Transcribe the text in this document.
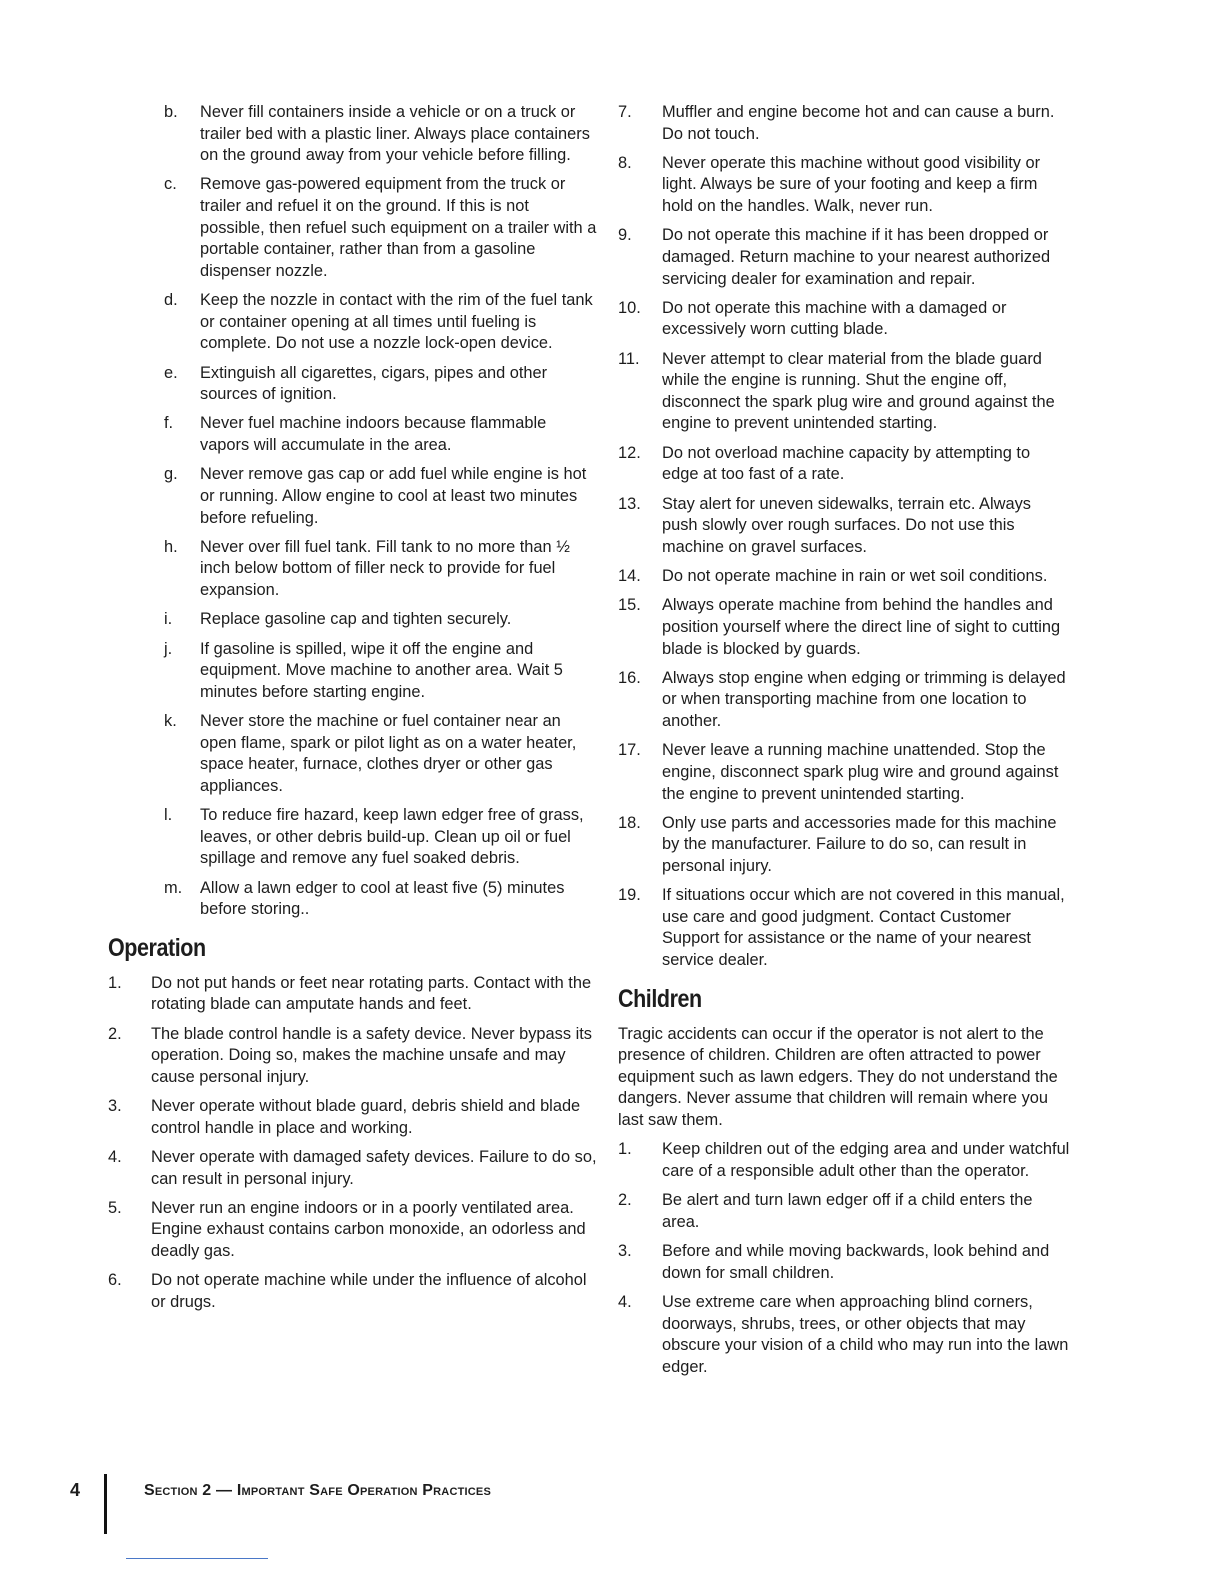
b.	Never fill containers inside a vehicle or on a truck or trailer bed with a plastic liner. Always place containers on the ground away from your vehicle before filling.
c.	Remove gas-powered equipment from the truck or trailer and refuel it on the ground. If this is not possible, then refuel such equipment on a trailer with a portable container, rather than from a gasoline dispenser nozzle.
d.	Keep the nozzle in contact with the rim of the fuel tank or container opening at all times until fueling is complete. Do not use a nozzle lock-open device.
e.	Extinguish all cigarettes, cigars, pipes and other sources of ignition.
f.	Never fuel machine indoors because flammable vapors will accumulate in the area.
g.	Never remove gas cap or add fuel while engine is hot or running. Allow engine to cool at least two minutes before refueling.
h.	Never over fill fuel tank. Fill tank to no more than ½ inch below bottom of filler neck to provide for fuel expansion.
i.	Replace gasoline cap and tighten securely.
j.	If gasoline is spilled, wipe it off the engine and equipment. Move machine to another area. Wait 5 minutes before starting engine.
k.	Never store the machine or fuel container near an open flame, spark or pilot light as on a water heater, space heater, furnace, clothes dryer or other gas appliances.
l.	To reduce fire hazard, keep lawn edger free of grass, leaves, or other debris build-up. Clean up oil or fuel spillage and remove any fuel soaked debris.
m.	Allow a lawn edger to cool at least five (5) minutes before storing..
Operation
1.	Do not put hands or feet near rotating parts. Contact with the rotating blade can amputate hands and feet.
2.	The blade control handle is a safety device. Never bypass its operation. Doing so, makes the machine unsafe and may cause personal injury.
3.	Never operate without blade guard, debris shield and blade control handle in place and working.
4.	Never operate with damaged safety devices. Failure to do so, can result in personal injury.
5.	Never run an engine indoors or in a poorly ventilated area. Engine exhaust contains carbon monoxide, an odorless and deadly gas.
6.	Do not operate machine while under the influence of alcohol or drugs.
7.	Muffler and engine become hot and can cause a burn. Do not touch.
8.	Never operate this machine without good visibility or light. Always be sure of your footing and keep a firm hold on the handles. Walk, never run.
9.	Do not operate this machine if it has been dropped or damaged. Return machine to your nearest authorized servicing dealer for examination and repair.
10.	Do not operate this machine with a damaged or excessively worn cutting blade.
11.	Never attempt to clear material from the blade guard while the engine is running. Shut the engine off, disconnect the spark plug wire and ground against the engine to prevent unintended starting.
12.	Do not overload machine capacity by attempting to edge at too fast of a rate.
13.	Stay alert for uneven sidewalks, terrain etc. Always push slowly over rough surfaces. Do not use this machine on gravel surfaces.
14.	Do not operate machine in rain or wet soil conditions.
15.	Always operate machine from behind the handles and position yourself where the direct line of sight to cutting blade is blocked by guards.
16.	Always stop engine when edging or trimming is delayed or when transporting machine from one location to another.
17.	Never leave a running machine unattended. Stop the engine, disconnect spark plug wire and ground against the engine to prevent unintended starting.
18.	Only use parts and accessories made for this machine by the manufacturer. Failure to do so, can result in personal injury.
19.	If situations occur which are not covered in this manual, use care and good judgment. Contact Customer Support for assistance or the name of your nearest service dealer.
Children

Tragic accidents can occur if the operator is not alert to the presence of children. Children are often attracted to power equipment such as lawn edgers. They do not understand the dangers. Never assume that children will remain where you last saw them.

1.	Keep children out of the edging area and under watchful care of a responsible adult other than the operator.
2.	Be alert and turn lawn edger off if a child enters the area.
3.	Before and while moving backwards, look behind and down for small children.
4.	Use extreme care when approaching blind corners, doorways, shrubs, trees, or other objects that may obscure your vision of a child who may run into the lawn edger.
4	Section 2 — Important Safe Operation Practices
